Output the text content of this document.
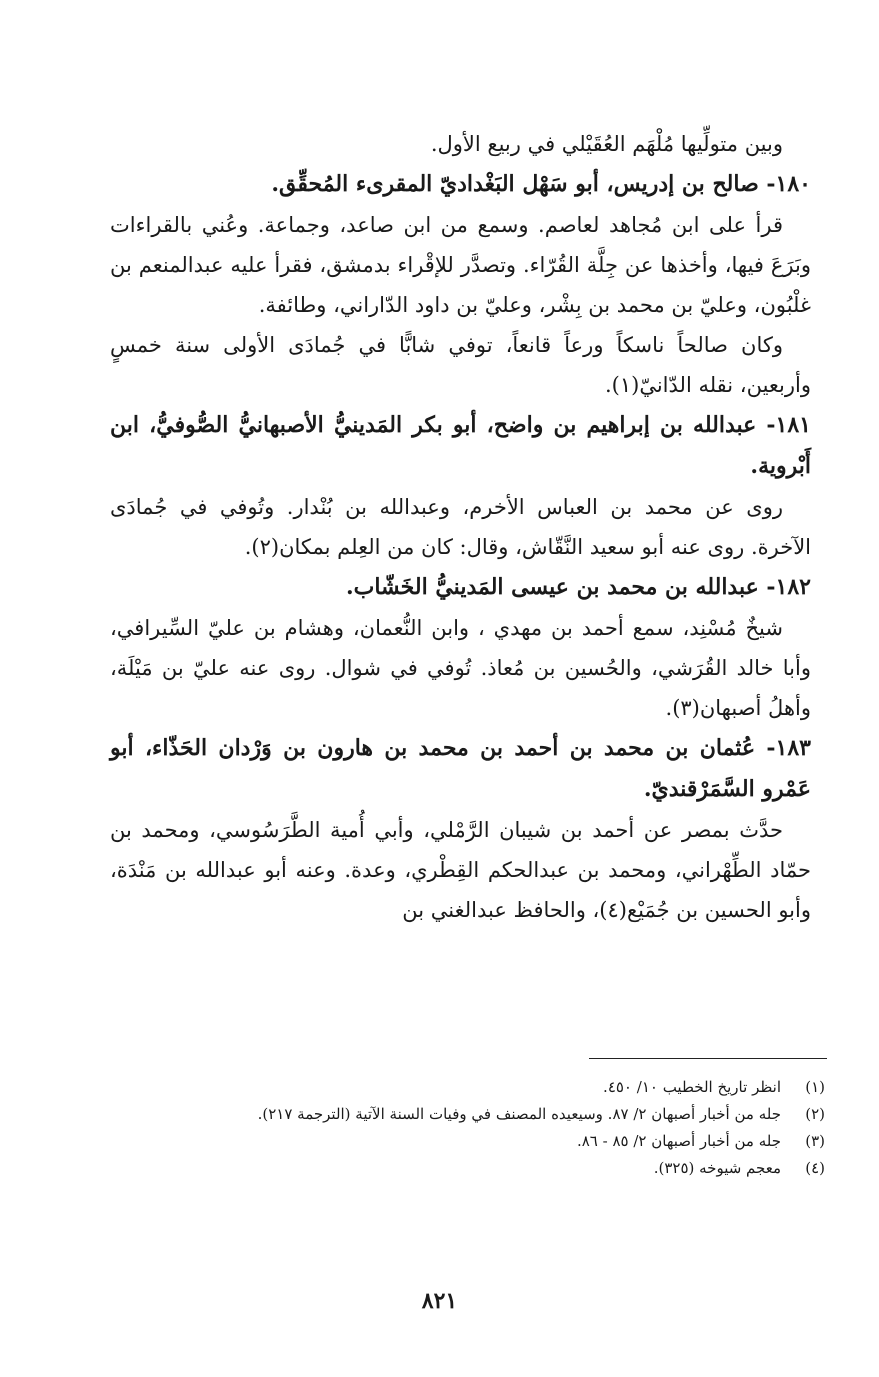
وبين متولِّيها مُلْهَم العُقَيْلي في ربيع الأول.

١٨٠- صالح بن إدريس، أبو سَهْل البَغْداديّ المقرىء المُحقِّق.

قرأ على ابن مُجاهد لعاصم. وسمع من ابن صاعد، وجماعة. وعُني بالقراءات وبَرَعَ فيها، وأخذها عن جِلَّة القُرّاء. وتصدَّر للإقْراء بدمشق، فقرأ عليه عبدالمنعم بن غلْبُون، وعليّ بن محمد بن بِشْر، وعليّ بن داود الدّاراني، وطائفة.

وكان صالحاً ناسكاً ورعاً قانعاً، توفي شابًّا في جُمادَى الأولى سنة خمسٍ وأربعين، نقله الدّانيّ(١).

١٨١- عبدالله بن إبراهيم بن واضح، أبو بكر المَدينيُّ الأصبهانيُّ الصُّوفيُّ، ابن أَبْروية.

روى عن محمد بن العباس الأخرم، وعبدالله بن بُنْدار. وتُوفي في جُمادَى الآخرة. روى عنه أبو سعيد النَّقّاش، وقال: كان من العِلم بمكان(٢).

١٨٢- عبدالله بن محمد بن عيسى المَدينيُّ الخَشّاب.

شيخٌ مُسْنِد، سمع أحمد بن مهدي ، وابن النُّعمان، وهشام بن عليّ السِّيرافي، وأبا خالد القُرَشي، والحُسين بن مُعاذ. تُوفي في شوال. روى عنه عليّ بن مَيْلَة، وأهلُ أصبهان(٣).

١٨٣- عُثمان بن محمد بن أحمد بن محمد بن هارون بن وَرْدان الحَذّاء، أبو عَمْرو السَّمَرْقنديّ.

حدَّث بمصر عن أحمد بن شيبان الرَّمْلي، وأبي أُمية الطَّرَسُوسي، ومحمد بن حمّاد الطِّهْراني، ومحمد بن عبدالحكم القِطْري، وعدة. وعنه أبو عبدالله بن مَنْدَة، وأبو الحسين بن جُمَيْع(٤)، والحافظ عبدالغني بن

(١)
انظر تاريخ الخطيب ١٠/ ٤٥٠.
(٢)
جله من أخبار أصبهان ٢/ ٨٧. وسيعيده المصنف في وفيات السنة الآتية (الترجمة ٢١٧).
(٣)
جله من أخبار أصبهان ٢/ ٨٥ - ٨٦.
(٤)
معجم شيوخه (٣٢٥).
٨٢١
